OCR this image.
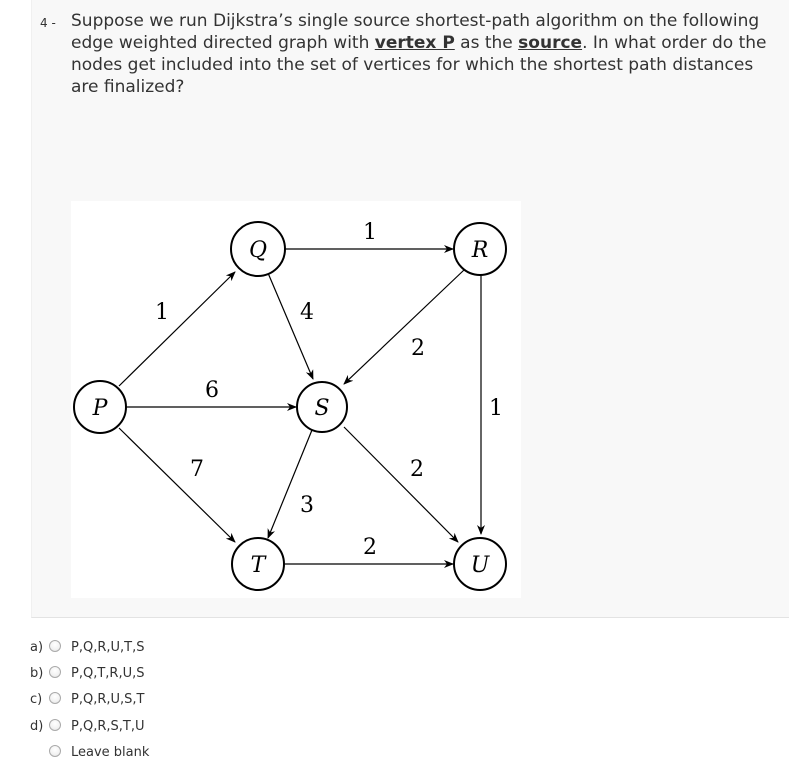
4 - Suppose we run Dijkstra’s single source shortest-path algorithm on the following edge weighted directed graph with vertex P as the source. In what order do the nodes get included into the set of vertices for which the shortest path distances are finalized?
1
6
7
1
4
2
1
3
2
2
Q	R
P	S
T	U
a) P,Q,R,U,T,S
b) P,Q,T,R,U,S
c) P,Q,R,U,S,T
d) P,Q,R,S,T,U
Leave blank
